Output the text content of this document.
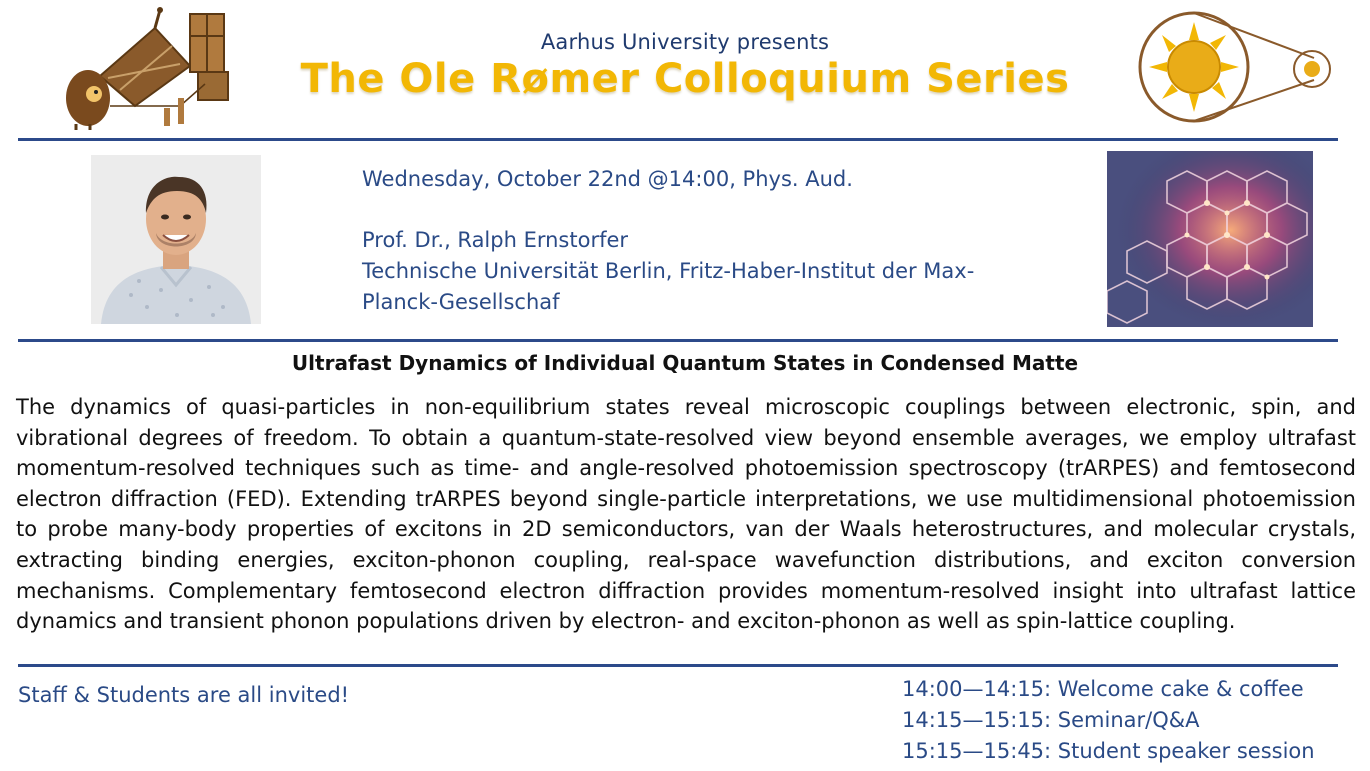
Aarhus University presents
The Ole Rømer Colloquium Series
Wednesday, October 22nd @14:00, Phys. Aud.
Prof. Dr., Ralph Ernstorfer
Technische Universität Berlin, Fritz-Haber-Institut der Max-
Planck-Gesellschaf
Ultrafast Dynamics of Individual Quantum States in Condensed Matte
The dynamics of quasi-particles in non-equilibrium states reveal microscopic couplings between electronic, spin, and vibrational degrees of freedom. To obtain a quantum-state-resolved view beyond ensemble averages, we employ ultrafast momentum-resolved techniques such as time- and angle-resolved photoemission spectroscopy (trARPES) and femtosecond electron diffraction (FED). Extending trARPES beyond single-particle interpretations, we use multidimensional photoemission to probe many-body properties of excitons in 2D semiconductors, van der Waals heterostructures, and molecular crystals, extracting binding energies, exciton-phonon coupling, real-space wavefunction distributions, and exciton conversion mechanisms. Complementary femtosecond electron diffraction provides momentum-resolved insight into ultrafast lattice dynamics and transient phonon populations driven by electron- and exciton-phonon as well as spin-lattice coupling.
Staff & Students are all invited!	14:00—14:15: Welcome cake & coffee
14:15—15:15: Seminar/Q&A
15:15—15:45: Student speaker session
